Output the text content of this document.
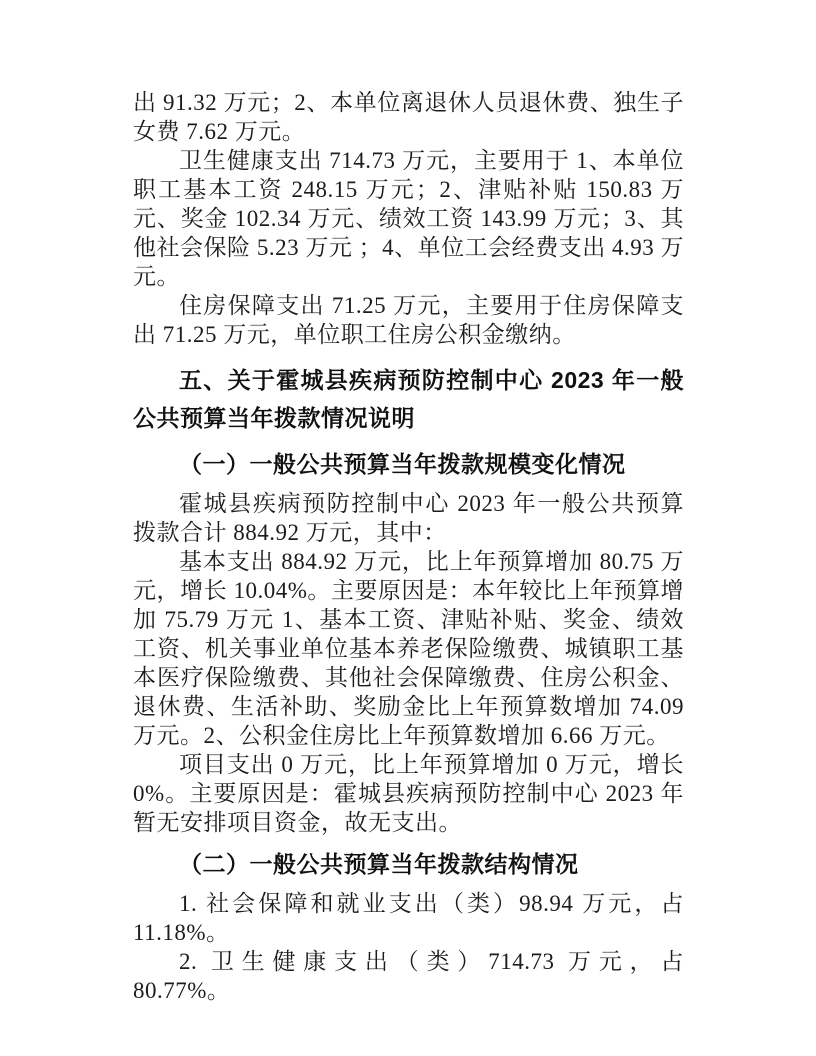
出 91.32 万元；2、本单位离退休人员退休费、独生子女费 7.62 万元。

卫生健康支出 714.73 万元，主要用于 1、本单位职工基本工资 248.15 万元；2、津贴补贴 150.83 万元、奖金 102.34 万元、绩效工资 143.99 万元；3、其他社会保险 5.23 万元 ；4、单位工会经费支出 4.93 万元。

住房保障支出 71.25 万元，主要用于住房保障支出 71.25 万元，单位职工住房公积金缴纳。

五、关于霍城县疾病预防控制中心 2023 年一般公共预算当年拨款情况说明
（一）一般公共预算当年拨款规模变化情况

霍城县疾病预防控制中心 2023 年一般公共预算拨款合计 884.92 万元，其中：

基本支出 884.92 万元，比上年预算增加 80.75 万元，增长 10.04%。主要原因是：本年较比上年预算增加 75.79 万元 1、基本工资、津贴补贴、奖金、绩效工资、机关事业单位基本养老保险缴费、城镇职工基本医疗保险缴费、其他社会保障缴费、住房公积金、退休费、生活补助、奖励金比上年预算数增加 74.09 万元。2、公积金住房比上年预算数增加 6.66 万元。

项目支出 0 万元，比上年预算增加 0 万元，增长 0%。主要原因是：霍城县疾病预防控制中心 2023 年暂无安排项目资金，故无支出。

（二）一般公共预算当年拨款结构情况

1. 社会保障和就业支出（类）98.94 万元，占 11.18%。

2. 卫生健康支出（类）714.73 万元，占 80.77%。
